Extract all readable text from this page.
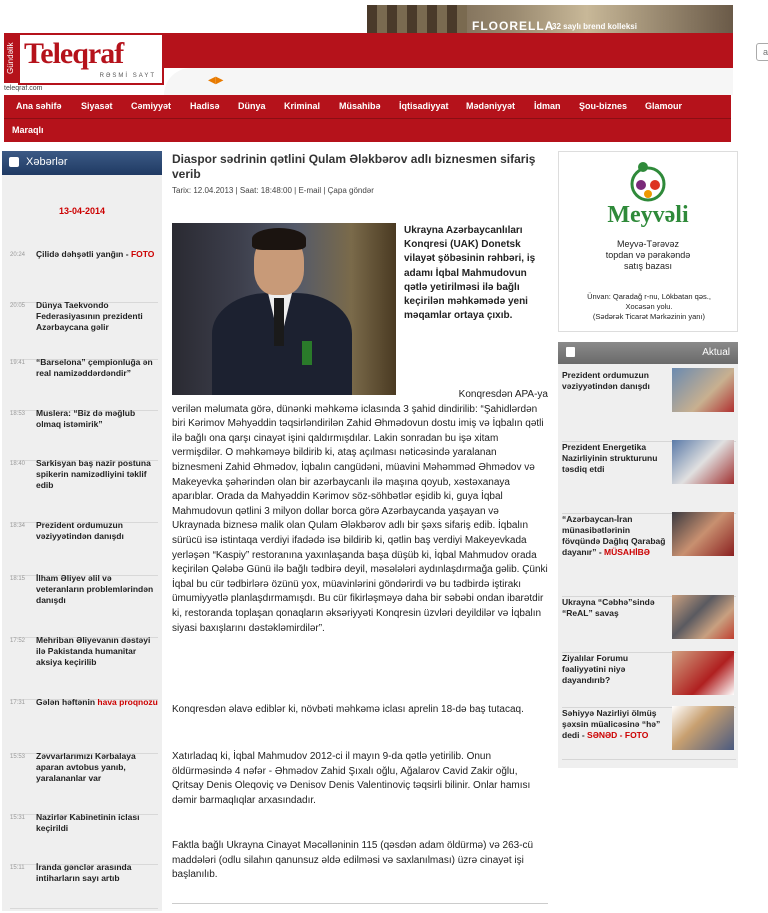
FLOORELLA
32 saylı brend kolleksi
Gündəlik Teleqraf
RƏSMİ SAYT
teleqraf.com
axtar
◀▶
Ana səhifə Siyasət Cəmiyyət Hadisə Dünya Kriminal Müsahibə İqtisadiyyat Mədəniyyət İdman Şou-biznes Glamour
Maraqlı
Xəbərlər
13-04-2014
20:24 Çilidə dəhşətli yanğın - FOTO
20:05 Dünya Taekvondo Federasiyasının prezidenti Azərbaycana gəlir
19:41 “Barselona” çempionluğa ən real namizəddərdəndir”
18:53 Muslera: “Biz də məğlub olmaq istəmirik”
18:40 Sarkisyan baş nazir postuna spikerin namizədliyini təklif edib
18:34 Prezident ordumuzun vəziyyətindən danışdı
18:15 İlham Əliyev əlil və veteranların problemlərindən danışdı
17:52 Mehriban Əliyevanın dəstəyi ilə Pakistanda humanitar aksiya keçirilib
17:31 Gələn həftənin hava proqnozu
15:53 Zəvvarlarımızı Kərbalaya aparan avtobus yanıb, yaralananlar var
15:31 Nazirlər Kabinetinin iclası keçirildi
15:11 İranda gənclər arasında intiharların sayı artıb
Diaspor sədrinin qətlini Qulam Ələkbərov adlı biznesmen sifariş verib
Tarix: 12.04.2013 | Saat: 18:48:00 | E-mail | Çapa göndər
Ukrayna Azərbaycanlıları Konqresi (UAK) Donetsk vilayət şöbəsinin rəhbəri, iş adamı İqbal Mahmudovun qətlə yetirilməsi ilə bağlı keçirilən məhkəmədə yeni məqamlar ortaya çıxıb.
Konqresdən APA-ya
verilən məlumata görə, dünənki məhkəmə iclasında 3 şahid dindirilib: “Şahidlərdən biri Kərimov Məhyəddin təqsirləndirilən Zahid Əhmədovun dostu imiş və İqbalın qətli ilə bağlı ona qarşı cinayət işini qaldırmışdılar. Lakin sonradan bu işə xitam vermişdilər. O məhkəməyə bildirib ki, ataş açılması nəticəsində yaralanan biznesmeni Zahid Əhmədov, İqbalın cangüdəni, müavini Məhəmməd Əhmədov və Makeyevka şəhərindən olan bir azərbaycanlı ilə maşına qoyub, xəstəxanaya aparıblar. Orada da Mahyəddin Kərimov söz-söhbətlər eşidib ki, guya İqbal Mahmudovun qətlini 3 milyon dollar borca görə Azərbaycanda yaşayan və Ukraynada biznesə malik olan Qulam Ələkbərov adlı bir şəxs sifariş edib. İqbalın sürücü isə istintaqa verdiyi ifadədə isə bildirib ki, qətlin baş verdiyi Makeyevkada yerləşən “Kaspiy” restoranına yaxınlaşanda başa düşüb ki, İqbal Mahmudov orada keçirilən Qələbə Günü ilə bağlı tədbirə deyil, məsələləri aydınlaşdırmağa gəlib. Çünki İqbal bu cür tədbirlərə özünü yox, müavinlərini göndərirdi və bu tədbirdə iştirakı ümumiyyətlə planlaşdırmamışdı. Bu cür fikirləşməyə daha bir səbəbi ondan ibarətdir ki, restoranda toplaşan qonaqların əksəriyyəti Konqresin üzvləri deyildilər və İqbalın siyasi baxışlarını dəstəkləmirdilər”.
Konqresdən əlavə ediblər ki, növbəti məhkəmə iclası aprelin 18-də baş tutacaq.
Xatırladaq ki, İqbal Mahmudov 2012-ci il mayın 9-da qətlə yetirilib. Onun öldürməsində 4 nəfər - Əhmədov Zahid Şıxalı oğlu, Ağalarov Cavid Zakir oğlu, Qritsay Denis Oleqoviç və Denisov Denis Valentinoviç təqsirli bilinir. Onlar hamısı dəmir barmaqlıqlar arxasındadır.
Faktla bağlı Ukrayna Cinayət Məcəlləninin 115 (qəsdən adam öldürmə) və 263-cü maddələri (odlu silahın qanunsuz əldə edilməsi və saxlanılması) üzrə cinayət işi başlanılıb.
Meyvəli
Meyvə-Tərəvəz
topdan və pərakəndə
satış bazası
Ünvan: Qaradağ r-nu, Lökbatan qəs.,
Xocəsən yolu.
(Sədərək Ticarət Mərkəzinin yanı)
Aktual
Prezident ordumuzun vəziyyətindən danışdı
Prezident Energetika Nazirliyinin strukturunu təsdiq etdi
“Azərbaycan-İran münasibətlərinin fövqündə Dağlıq Qarabağ dayanır” - MÜSAHİBƏ
Ukrayna “Cəbhə”sində “ReAL” savaş
Ziyalılar Forumu fəaliyyətini niyə dayandırıb?
Səhiyyə Nazirliyi ölmüş şəxsin müalicəsinə “hə” dedi - SƏNƏD - FOTO
